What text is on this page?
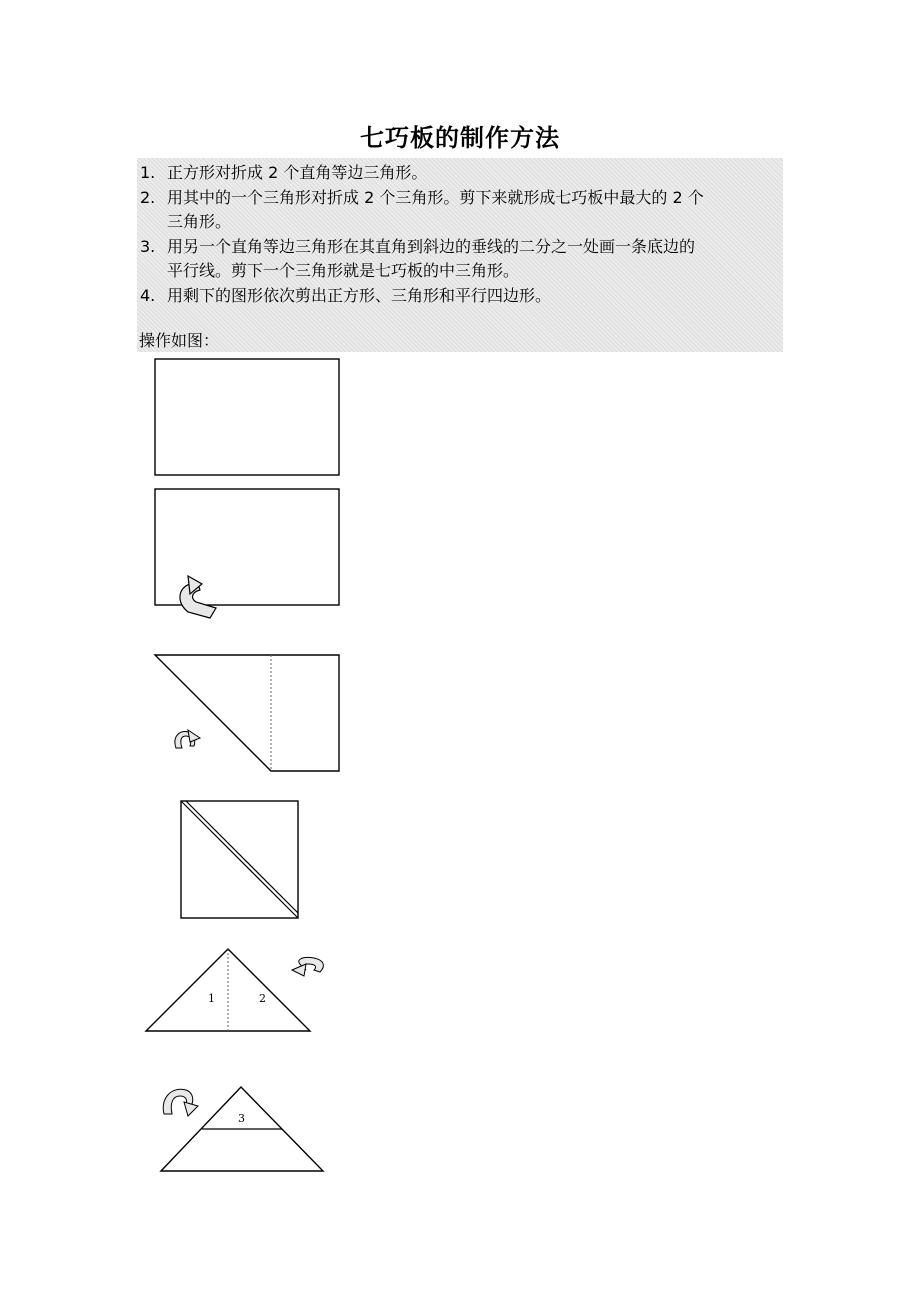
七巧板的制作方法
1. 正方形对折成 2 个直角等边三角形。
2. 用其中的一个三角形对折成 2 个三角形。剪下来就形成七巧板中最大的 2 个
三角形。
3. 用另一个直角等边三角形在其直角到斜边的垂线的二分之一处画一条底边的
平行线。剪下一个三角形就是七巧板的中三角形。
4. 用剩下的图形依次剪出正方形、三角形和平行四边形。
操作如图：
1	2
3
